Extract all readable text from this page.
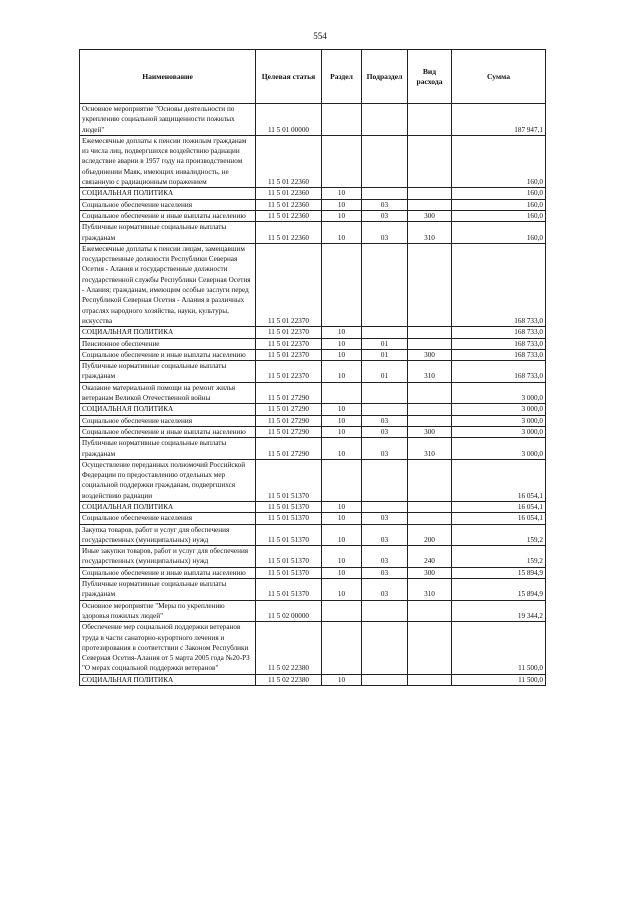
554
Наименование	Целевая статья	Раздел	Подраздел	Вид расхода	Сумма
Основное мероприятие "Основы деятельности по укреплению социальной защищенности пожилых людей"	11 5 01 00000				187 947,1
Ежемесячные доплаты к пенсии пожилым гражданам из числа лиц, подвергшихся воздействию радиации вследствие аварии в 1957 году на производственном объединении Маяк, имеющих инвалидность, не связанную с радиационным поражением	11 5 01 22360				160,0
СОЦИАЛЬНАЯ ПОЛИТИКА	11 5 01 22360	10			160,0
Социальное обеспечение населения	11 5 01 22360	10	03		160,0
Социальное обеспечение и иные выплаты населению	11 5 01 22360	10	03	300	160,0
Публичные нормативные социальные выплаты гражданам	11 5 01 22360	10	03	310	160,0
Ежемесячные доплаты к пенсии лицам, замещавшим государственные должности Республики Северная Осетия - Алания и государственные должности государственной службы Республики Северная Осетия - Алания; гражданам, имеющим особые заслуги перед Республикой Северная Осетия - Алания в различных отраслях народного хозяйства, науки, культуры, искусства	11 5 01 22370				168 733,0
СОЦИАЛЬНАЯ ПОЛИТИКА	11 5 01 22370	10			168 733,0
Пенсионное обеспечение	11 5 01 22370	10	01		168 733,0
Социальное обеспечение и иные выплаты населению	11 5 01 22370	10	01	300	168 733,0
Публичные нормативные социальные выплаты гражданам	11 5 01 22370	10	01	310	168 733,0
Оказание материальной помощи на ремонт жилья ветеранам Великой Отечественной войны	11 5 01 27290				3 000,0
СОЦИАЛЬНАЯ ПОЛИТИКА	11 5 01 27290	10			3 000,0
Социальное обеспечение населения	11 5 01 27290	10	03		3 000,0
Социальное обеспечение и иные выплаты населению	11 5 01 27290	10	03	300	3 000,0
Публичные нормативные социальные выплаты гражданам	11 5 01 27290	10	03	310	3 000,0
Осуществление переданных полномочий Российской Федерации по предоставлению отдельных мер социальной поддержки гражданам, подвергшихся воздействию радиации	11 5 01 51370				16 054,1
СОЦИАЛЬНАЯ ПОЛИТИКА	11 5 01 51370	10			16 054,1
Социальное обеспечение населения	11 5 01 51370	10	03		16 054,1
Закупка товаров, работ и услуг для обеспечения государственных (муниципальных) нужд	11 5 01 51370	10	03	200	159,2
Иные закупки товаров, работ и услуг для обеспечения государственных (муниципальных) нужд	11 5 01 51370	10	03	240	159,2
Социальное обеспечение и иные выплаты населению	11 5 01 51370	10	03	300	15 894,9
Публичные нормативные социальные выплаты гражданам	11 5 01 51370	10	03	310	15 894,9
Основное мероприятие "Меры по укреплению здоровья пожилых людей"	11 5 02 00000				19 344,2
Обеспечение мер социальной поддержки ветеранов труда в части санаторно-курортного лечения и протезирования в соответствии с Законом Республики Северная Осетия-Алания от 5 марта 2005 года №20-РЗ "О мерах социальной поддержки ветеранов"	11 5 02 22380				11 500,0
СОЦИАЛЬНАЯ ПОЛИТИКА	11 5 02 22380	10			11 500,0
